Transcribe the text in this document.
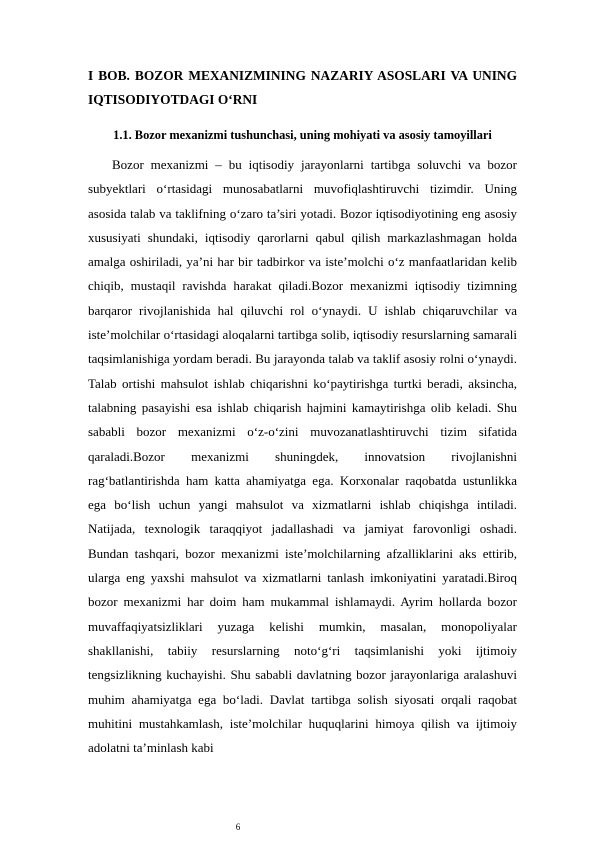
I BOB. BOZOR MEXANIZMINING NAZARIY ASOSLARI VA UNING IQTISODIYOTDAGI O‘RNI
1.1. Bozor mexanizmi tushunchasi, uning mohiyati va asosiy tamoyillari

Bozor mexanizmi – bu iqtisodiy jarayonlarni tartibga soluvchi va bozor subyektlari o‘rtasidagi munosabatlarni muvofiqlashtiruvchi tizimdir. Uning asosida talab va taklifning o‘zaro ta’siri yotadi. Bozor iqtisodiyotining eng asosiy xususiyati shundaki, iqtisodiy qarorlarni qabul qilish markazlashmagan holda amalga oshiriladi, ya’ni har bir tadbirkor va iste’molchi o‘z manfaatlaridan kelib chiqib, mustaqil ravishda harakat qiladi.Bozor mexanizmi iqtisodiy tizimning barqaror rivojlanishida hal qiluvchi rol o‘ynaydi. U ishlab chiqaruvchilar va iste’molchilar o‘rtasidagi aloqalarni tartibga solib, iqtisodiy resurslarning samarali taqsimlanishiga yordam beradi. Bu jarayonda talab va taklif asosiy rolni o‘ynaydi. Talab ortishi mahsulot ishlab chiqarishni ko‘paytirishga turtki beradi, aksincha, talabning pasayishi esa ishlab chiqarish hajmini kamaytirishga olib keladi. Shu sababli bozor mexanizmi o‘z-o‘zini muvozanatlashtiruvchi tizim sifatida qaraladi.Bozor mexanizmi shuningdek, innovatsion rivojlanishni rag‘batlantirishda ham katta ahamiyatga ega. Korxonalar raqobatda ustunlikka ega bo‘lish uchun yangi mahsulot va xizmatlarni ishlab chiqishga intiladi. Natijada, texnologik taraqqiyot jadallashadi va jamiyat farovonligi oshadi. Bundan tashqari, bozor mexanizmi iste’molchilarning afzalliklarini aks ettirib, ularga eng yaxshi mahsulot va xizmatlarni tanlash imkoniyatini yaratadi.Biroq bozor mexanizmi har doim ham mukammal ishlamaydi. Ayrim hollarda bozor muvaffaqiyatsizliklari yuzaga kelishi mumkin, masalan, monopoliyalar shakllanishi, tabiiy resurslarning noto‘g‘ri taqsimlanishi yoki ijtimoiy tengsizlikning kuchayishi. Shu sababli davlatning bozor jarayonlariga aralashuvi muhim ahamiyatga ega bo‘ladi. Davlat tartibga solish siyosati orqali raqobat muhitini mustahkamlash, iste’molchilar huquqlarini himoya qilish va ijtimoiy adolatni ta’minlash kabi

6
